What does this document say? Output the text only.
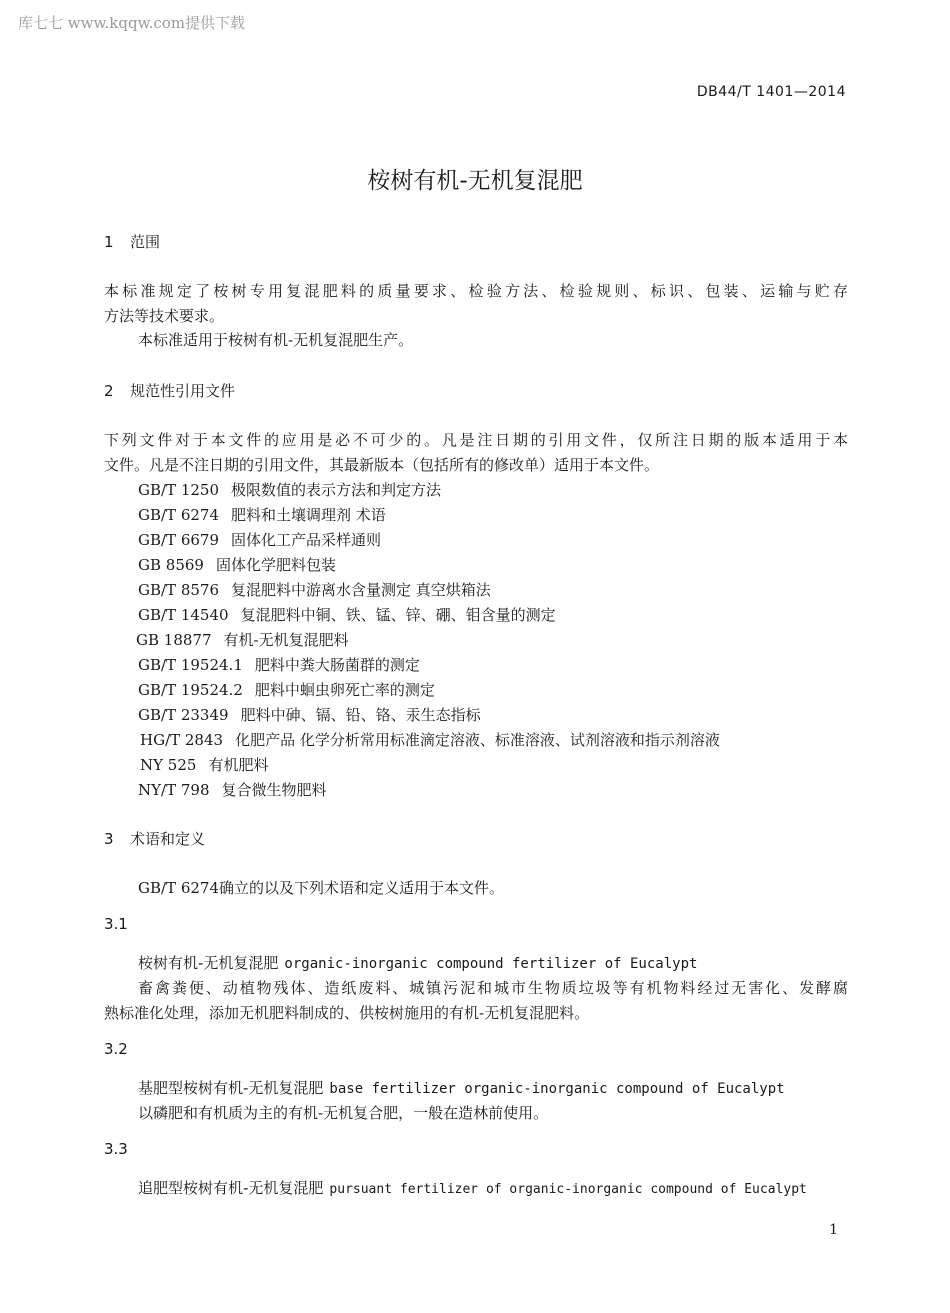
库七七 www.kqqw.com提供下载
DB44/T 1401—2014
桉树有机-无机复混肥
1 范围
本标准规定了桉树专用复混肥料的质量要求、检验方法、检验规则、标识、包装、运输与贮存
方法等技术要求。
本标准适用于桉树有机-无机复混肥生产。
2 规范性引用文件
下列文件对于本文件的应用是必不可少的。凡是注日期的引用文件，仅所注日期的版本适用于本
文件。凡是不注日期的引用文件，其最新版本（包括所有的修改单）适用于本文件。
GB/T 1250 极限数值的表示方法和判定方法
GB/T 6274 肥料和土壤调理剂 术语
GB/T 6679 固体化工产品采样通则
GB 8569 固体化学肥料包装
GB/T 8576 复混肥料中游离水含量测定 真空烘箱法
GB/T 14540 复混肥料中铜、铁、锰、锌、硼、钼含量的测定
GB 18877 有机-无机复混肥料
GB/T 19524.1 肥料中粪大肠菌群的测定
GB/T 19524.2 肥料中蛔虫卵死亡率的测定
GB/T 23349 肥料中砷、镉、铅、铬、汞生态指标
HG/T 2843 化肥产品 化学分析常用标准滴定溶液、标准溶液、试剂溶液和指示剂溶液
NY 525 有机肥料
NY/T 798 复合微生物肥料
3 术语和定义
GB/T 6274确立的以及下列术语和定义适用于本文件。
3.1
桉树有机-无机复混肥 organic-inorganic compound fertilizer of Eucalypt
畜禽粪便、动植物残体、造纸废料、城镇污泥和城市生物质垃圾等有机物料经过无害化、发酵腐
熟标准化处理，添加无机肥料制成的、供桉树施用的有机-无机复混肥料。
3.2
基肥型桉树有机-无机复混肥 base fertilizer organic-inorganic compound of Eucalypt
以磷肥和有机质为主的有机-无机复合肥，一般在造林前使用。
3.3
追肥型桉树有机-无机复混肥 pursuant fertilizer of organic-inorganic compound of Eucalypt
1
